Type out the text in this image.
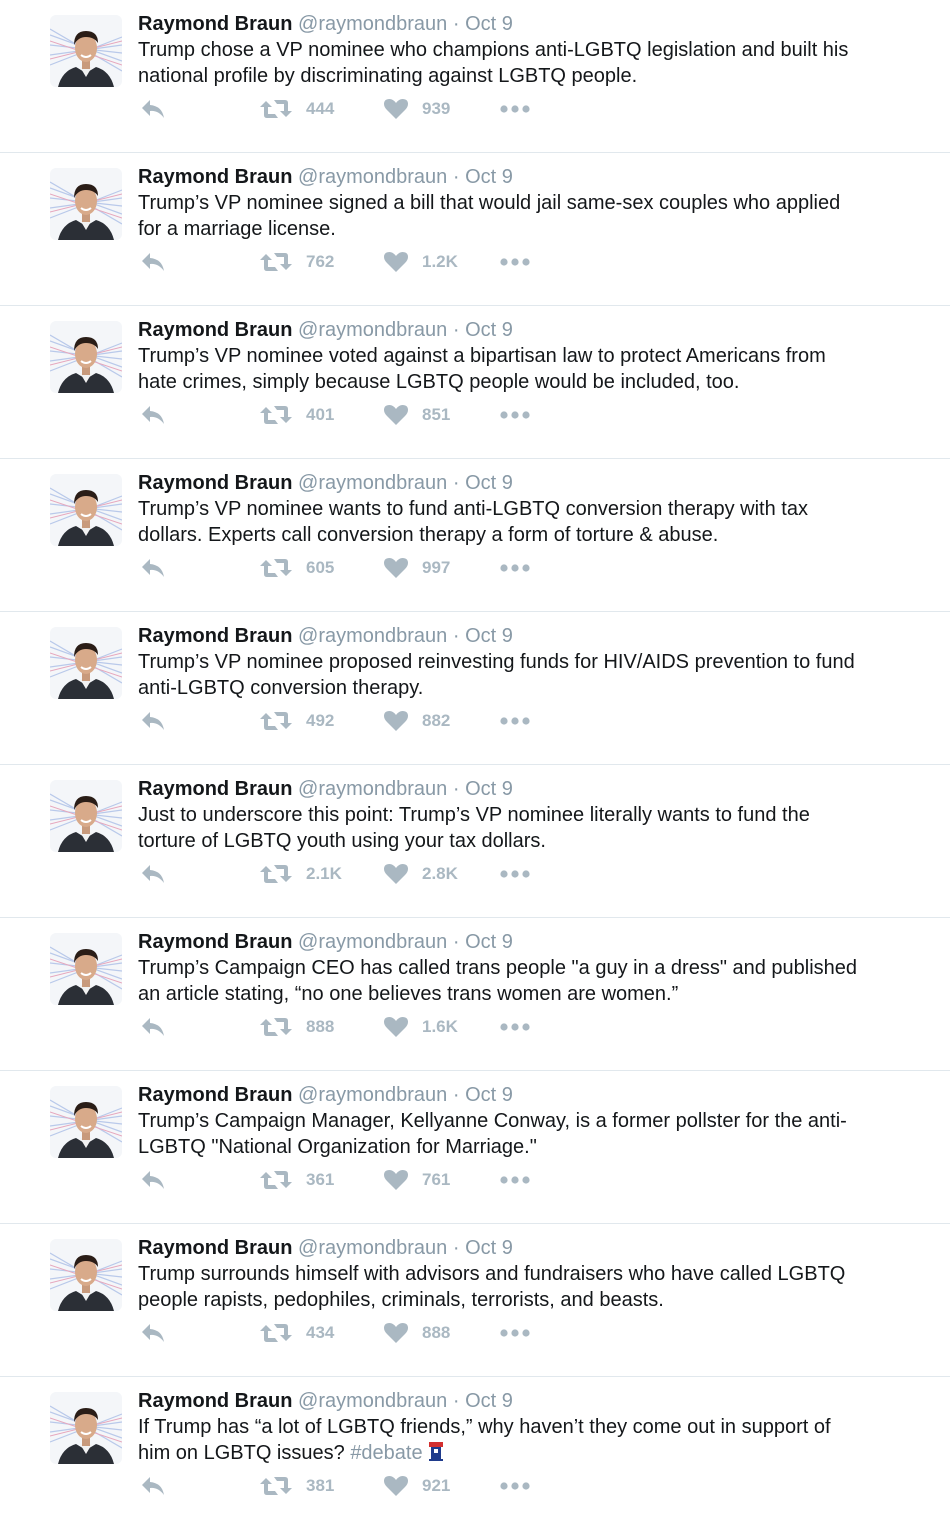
Raymond Braun @raymondbraun · Oct 9
Trump chose a VP nominee who champions anti-LGBTQ legislation and built his
national profile by discriminating against LGBTQ people.
444	939
Raymond Braun @raymondbraun · Oct 9
Trump’s VP nominee signed a bill that would jail same-sex couples who applied
for a marriage license.
762	1.2K
Raymond Braun @raymondbraun · Oct 9
Trump’s VP nominee voted against a bipartisan law to protect Americans from
hate crimes, simply because LGBTQ people would be included, too.
401	851
Raymond Braun @raymondbraun · Oct 9
Trump’s VP nominee wants to fund anti-LGBTQ conversion therapy with tax
dollars. Experts call conversion therapy a form of torture & abuse.
605	997
Raymond Braun @raymondbraun · Oct 9
Trump’s VP nominee proposed reinvesting funds for HIV/AIDS prevention to fund
anti-LGBTQ conversion therapy.
492	882
Raymond Braun @raymondbraun · Oct 9
Just to underscore this point: Trump’s VP nominee literally wants to fund the
torture of LGBTQ youth using your tax dollars.
2.1K	2.8K
Raymond Braun @raymondbraun · Oct 9
Trump’s Campaign CEO has called trans people "a guy in a dress" and published
an article stating, “no one believes trans women are women.”
888	1.6K
Raymond Braun @raymondbraun · Oct 9
Trump’s Campaign Manager, Kellyanne Conway, is a former pollster for the anti-
LGBTQ "National Organization for Marriage."
361	761
Raymond Braun @raymondbraun · Oct 9
Trump surrounds himself with advisors and fundraisers who have called LGBTQ
people rapists, pedophiles, criminals, terrorists, and beasts.
434	888
Raymond Braun @raymondbraun · Oct 9
If Trump has “a lot of LGBTQ friends,” why haven’t they come out in support of
him on LGBTQ issues? #debate
381	921
